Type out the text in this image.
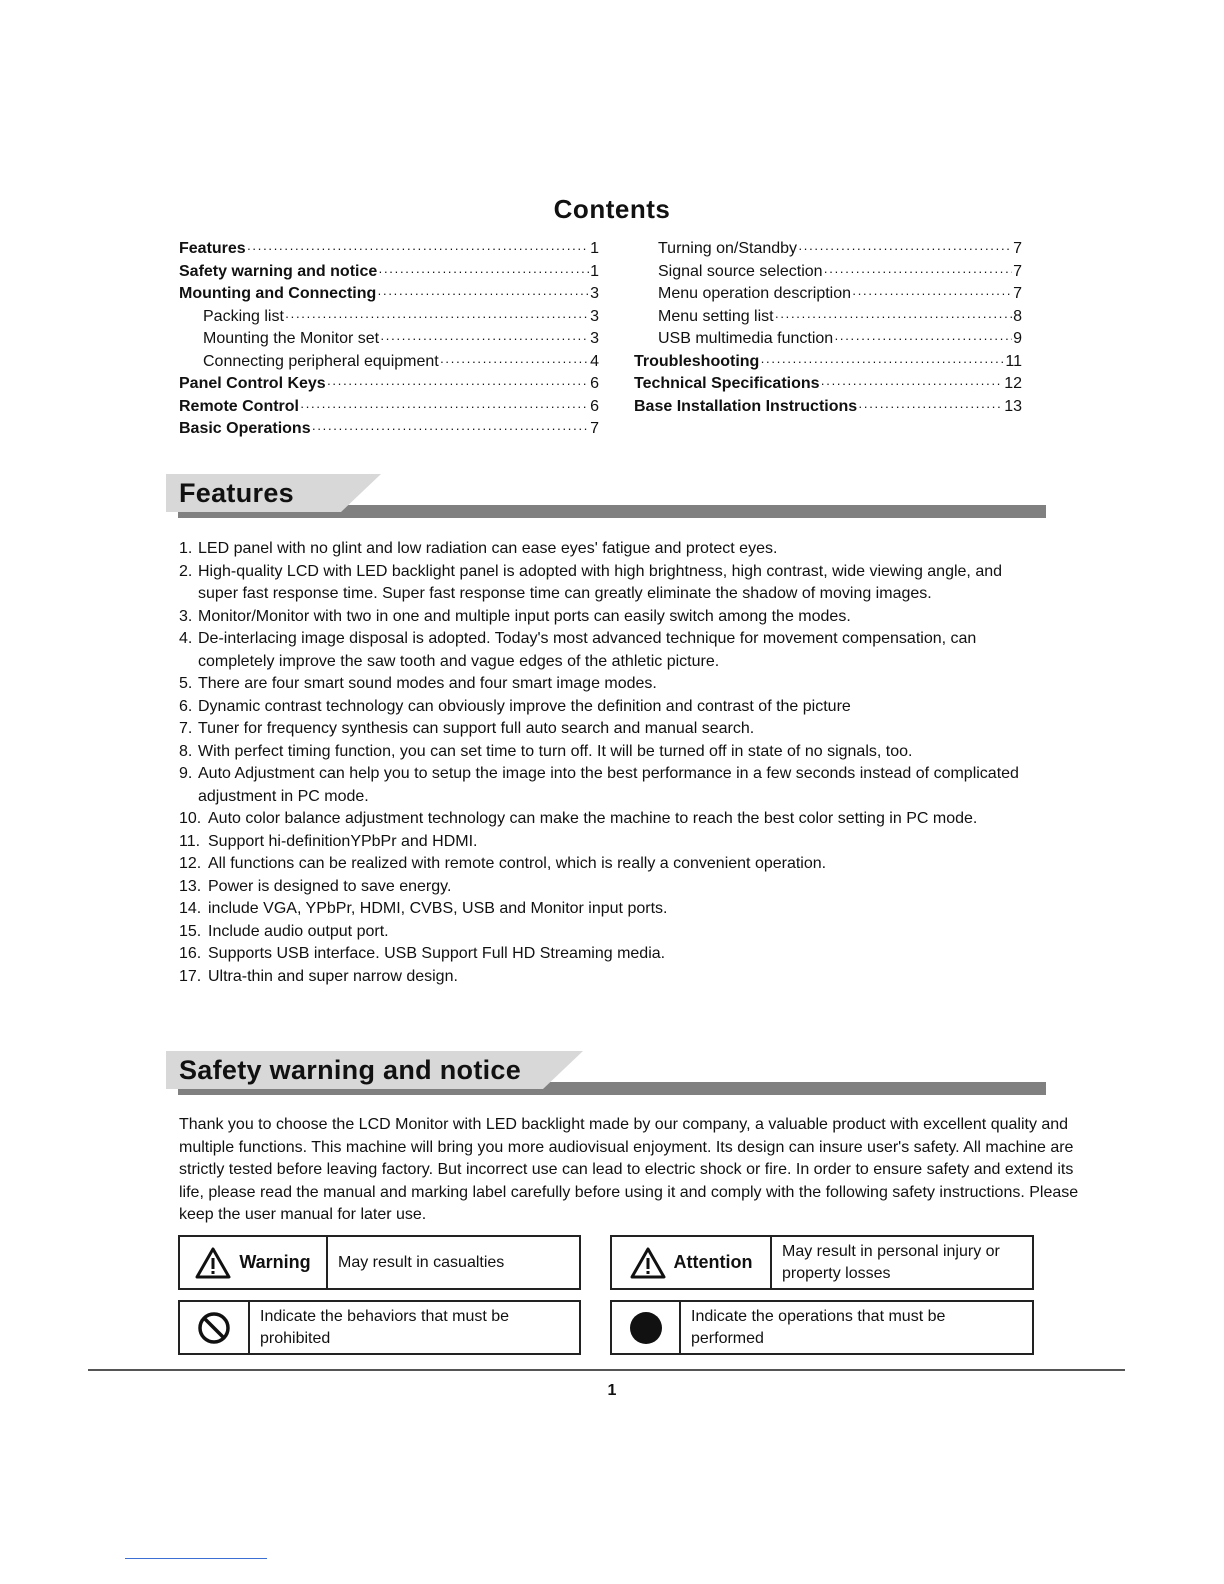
Contents
Features ·····	1
Safety warning and notice ·····	1
Mounting and Connecting ·····	3
Packing list ·····	3
Mounting the Monitor set ·····	3
Connecting peripheral equipment ·····	4
Panel Control Keys ·····	6
Remote Control ·····	6
Basic Operations ·····	7
Turning on/Standby ·····	7
Signal source selection ·····	7
Menu operation description ·····	7
Menu setting list ·····	8
USB multimedia function ·····	9
Troubleshooting ·····	11
Technical Specifications ·····	12
Base Installation Instructions ·····	13
Features
1. LED panel with no glint and low radiation can ease eyes' fatigue and protect eyes.
2. High-quality LCD with LED backlight panel is adopted with high brightness, high contrast, wide viewing angle, and super fast response time. Super fast response time can greatly eliminate the shadow of moving images.
3. Monitor/Monitor with two in one and multiple input ports can easily switch among the modes.
4. De-interlacing image disposal is adopted. Today's most advanced technique for movement compensation, can completely improve the saw tooth and vague edges of the athletic picture.
5. There are four smart sound modes and four smart image modes.
6. Dynamic contrast technology can obviously improve the definition and contrast of the picture
7. Tuner for frequency synthesis can support full auto search and manual search.
8. With perfect timing function, you can set time to turn off. It will be turned off in state of no signals, too.
9. Auto Adjustment can help you to setup the image into the best performance in a few seconds instead of complicated adjustment in PC mode.
10. Auto color balance adjustment technology can make the machine to reach the best color setting in PC mode.
11. Support hi-definitionYPbPr and HDMI.
12. All functions can be realized with remote control, which is really a convenient operation.
13. Power is designed to save energy.
14. include VGA, YPbPr, HDMI, CVBS, USB and Monitor input ports.
15. Include audio output port.
16. Supports USB interface. USB Support Full HD Streaming media.
17. Ultra-thin and super narrow design.
Safety warning and notice

Thank you to choose the LCD Monitor with LED backlight made by our company, a valuable product with excellent quality and multiple functions. This machine will bring you more audiovisual enjoyment. Its design can insure user's safety. All machine are strictly tested before leaving factory. But incorrect use can lead to electric shock or fire. In order to ensure safety and extend its life, please read the manual and marking label carefully before using it and comply with the following safety instructions. Please keep the user manual for later use.

Warning	May result in casualties	Attention
May result in personal injury or property losses
Indicate the behaviors that must be prohibited
Indicate the operations that must be performed
1
